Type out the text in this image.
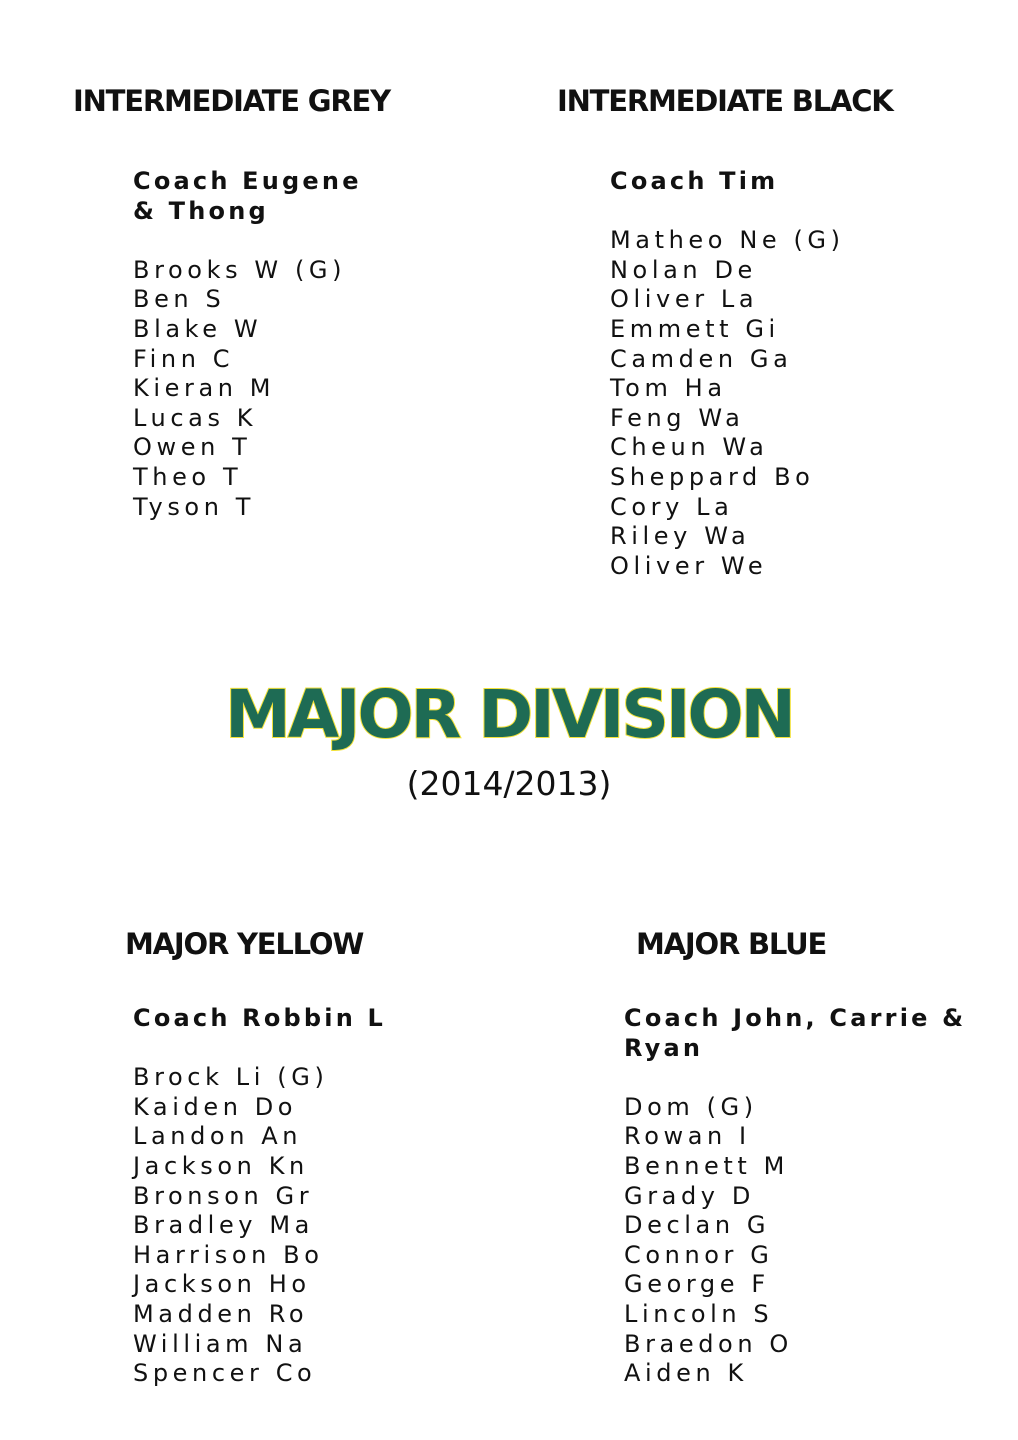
INTERMEDIATE GREY
Coach Eugene & Thong
Brooks W (G)
Ben S
Blake W
Finn C
Kieran M
Lucas K
Owen T
Theo T
Tyson T
INTERMEDIATE BLACK
Coach Tim
Matheo Ne (G)
Nolan De
Oliver La
Emmett Gi
Camden Ga
Tom Ha
Feng Wa
Cheun Wa
Sheppard Bo
Cory La
Riley Wa
Oliver We
MAJOR DIVISION
(2014/2013)
MAJOR YELLOW
Coach Robbin L
Brock Li (G)
Kaiden Do
Landon An
Jackson Kn
Bronson Gr
Bradley Ma
Harrison Bo
Jackson Ho
Madden Ro
William Na
Spencer Co
MAJOR BLUE
Coach John, Carrie & Ryan
Dom (G)
Rowan I
Bennett M
Grady D
Declan G
Connor G
George F
Lincoln S
Braedon O
Aiden K
